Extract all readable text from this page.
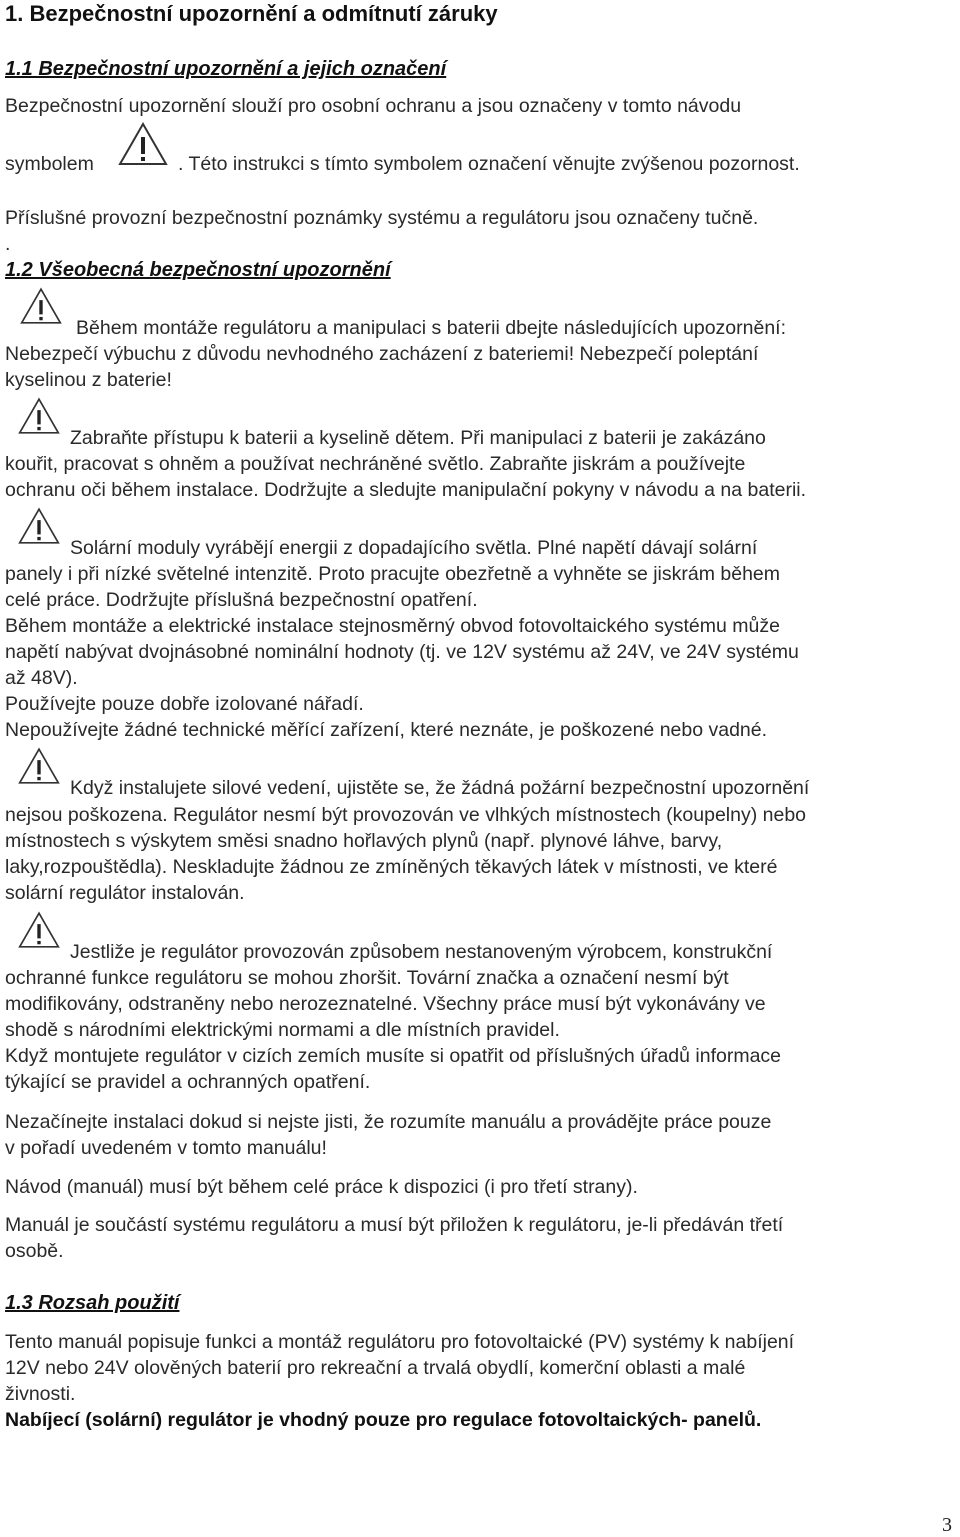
1. Bezpečnostní upozornění a odmítnutí záruky
1.1 Bezpečnostní upozornění a jejich označení
Bezpečnostní upozornění slouží pro osobní ochranu a jsou označeny v tomto návodu
symbolem	. Této instrukci s tímto symbolem označení věnujte zvýšenou pozornost.
Příslušné provozní bezpečnostní poznámky systému a regulátoru jsou označeny tučně.
.
1.2 Všeobecná bezpečnostní upozornění
Během montáže regulátoru a manipulaci s baterii dbejte následujících upozornění:
Nebezpečí výbuchu z důvodu nevhodného zacházení z bateriemi! Nebezpečí poleptání
kyselinou z baterie!
Zabraňte přístupu k baterii a kyselině dětem. Při manipulaci z baterii je zakázáno
kouřit, pracovat s ohněm a používat nechráněné světlo. Zabraňte jiskrám a používejte
ochranu oči během instalace. Dodržujte a sledujte manipulační pokyny v návodu a na baterii.
Solární moduly vyrábějí energii z dopadajícího světla. Plné napětí dávají solární
panely i při nízké světelné intenzitě. Proto pracujte obezřetně a vyhněte se jiskrám během
celé práce. Dodržujte příslušná bezpečnostní opatření.
Během montáže a elektrické instalace stejnosměrný obvod fotovoltaického systému může
napětí nabývat dvojnásobné nominální hodnoty (tj. ve 12V systému až 24V, ve 24V systému
až 48V).
Používejte pouze dobře izolované nářadí.
Nepoužívejte žádné technické měřící zařízení, které neznáte, je poškozené nebo vadné.
Když instalujete silové vedení, ujistěte se, že žádná požární bezpečnostní upozornění
nejsou poškozena. Regulátor nesmí být provozován ve vlhkých místnostech (koupelny) nebo
místnostech s výskytem směsi snadno hořlavých plynů (např. plynové láhve, barvy,
laky,rozpouštědla). Neskladujte žádnou ze zmíněných těkavých látek v místnosti, ve které
solární regulátor instalován.
Jestliže je regulátor provozován způsobem nestanoveným výrobcem, konstrukční
ochranné funkce regulátoru se mohou zhoršit. Tovární značka a označení nesmí být
modifikovány, odstraněny nebo nerozeznatelné. Všechny práce musí být vykonávány ve
shodě s národními elektrickými normami a dle místních pravidel.
Když montujete regulátor v cizích zemích musíte si opatřit od příslušných úřadů informace
týkající se pravidel a ochranných opatření.
Nezačínejte instalaci dokud si nejste jisti, že rozumíte manuálu a provádějte práce pouze
v pořadí uvedeném v tomto manuálu!
Návod (manuál) musí být během celé práce k dispozici (i pro třetí strany).
Manuál je součástí systému regulátoru a musí být přiložen k regulátoru, je-li předáván třetí
osobě.
1.3 Rozsah použití
Tento manuál popisuje funkci a montáž regulátoru pro fotovoltaické (PV) systémy k nabíjení
12V nebo 24V olověných baterií pro rekreační a trvalá obydlí, komerční oblasti a malé
živnosti.
Nabíjecí (solární) regulátor je vhodný pouze pro regulace fotovoltaických- panelů.
3
